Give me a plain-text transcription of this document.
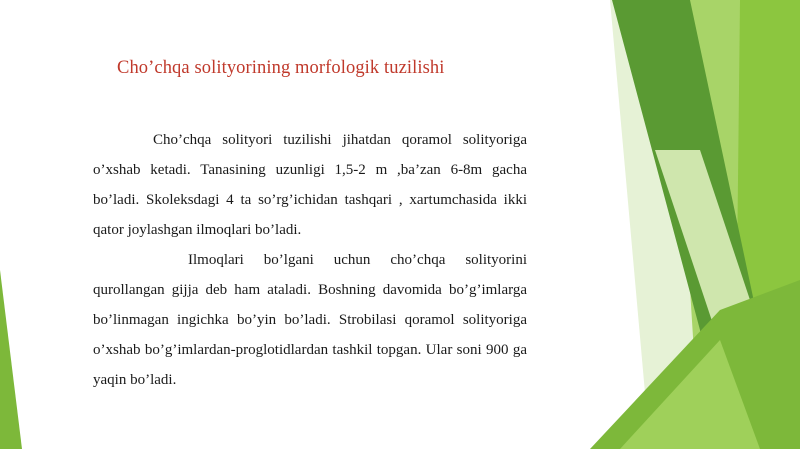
Cho’chqa solityorining morfologik tuzilishi

Cho’chqa solityori tuzilishi jihatdan qoramol solityoriga o’xshab ketadi. Tanasining uzunligi 1,5-2 m ,ba’zan 6-8m gacha bo’ladi. Skoleksdagi 4 ta so’rg’ichidan tashqari , xartumchasida ikki qator joylashgan ilmoqlari bo’ladi.

Ilmoqlari bo’lgani uchun cho’chqa solityorini qurollangan gijja deb ham ataladi. Boshning davomida bo’g’imlarga bo’linmagan ingichka bo’yin bo’ladi. Strobilasi qoramol solityoriga o’xshab bo’g’imlardan-proglotidlardan tashkil topgan. Ular soni 900 ga yaqin bo’ladi.
